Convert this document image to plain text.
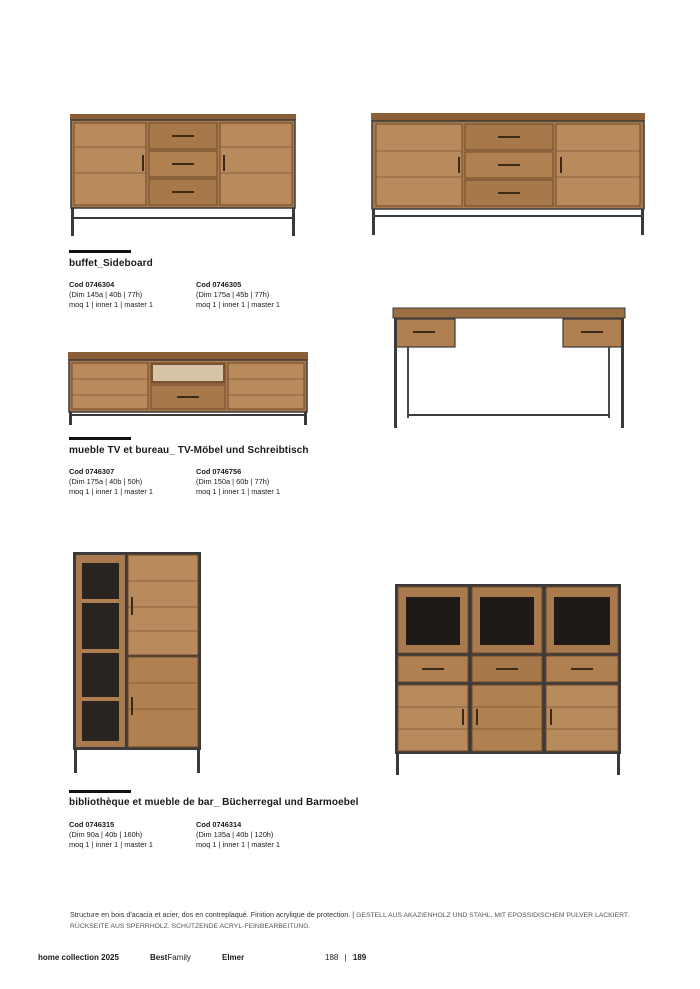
buffet_Sideboard
Cod 0746304
(Dim 145a | 40b | 77h)
moq 1 | inner 1 | master 1
Cod 0746305
(Dim 175a | 45b | 77h)
moq 1 | inner 1 | master 1
mueble TV et bureau_ TV-Möbel und Schreibtisch
Cod 0746307
(Dim 175a | 40b | 50h)
moq 1 | inner 1 | master 1
Cod 0746756
(Dim 150a | 60b | 77h)
moq 1 | inner 1 | master 1
bibliothèque et mueble de bar_ Bücherregal und Barmoebel
Cod 0746315
(Dim 90a | 40b | 160h)
moq 1 | inner 1 | master 1
Cod 0746314
(Dim 135a | 40b | 120h)
moq 1 | inner 1 | master 1
Structure en bois d'acacia et acier, dos en contreplaqué. Finition acrylique de protection. | GESTELL AUS AKAZIENHOLZ UND STAHL, MIT EPOSSIDISCHEM PULVER LACKIERT. RÜCKSEITE AUS SPERRHOLZ. SCHÜTZENDE ACRYL-FEINBEARBEITUNG.
home collection 2025	BestFamily	Elmer	188 | 189
